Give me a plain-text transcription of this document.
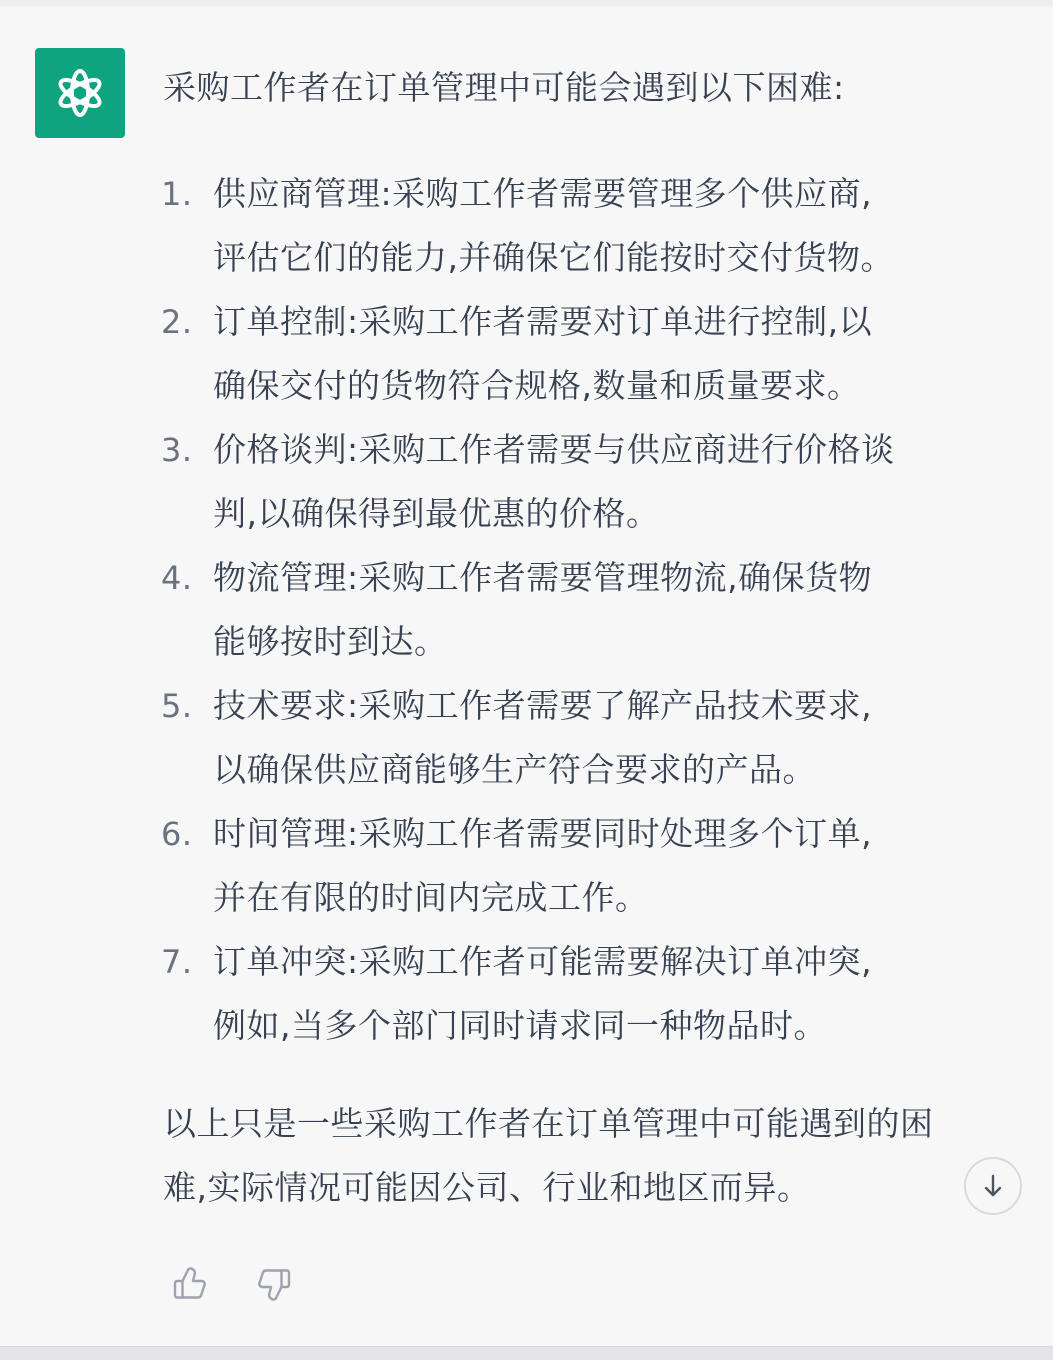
采购工作者在订单管理中可能会遇到以下困难:

1. 供应商管理:采购工作者需要管理多个供应商,
评估它们的能力,并确保它们能按时交付货物。
2. 订单控制:采购工作者需要对订单进行控制,以
确保交付的货物符合规格,数量和质量要求。
3. 价格谈判:采购工作者需要与供应商进行价格谈
判,以确保得到最优惠的价格。
4. 物流管理:采购工作者需要管理物流,确保货物
能够按时到达。
5. 技术要求:采购工作者需要了解产品技术要求,
以确保供应商能够生产符合要求的产品。
6. 时间管理:采购工作者需要同时处理多个订单,
并在有限的时间内完成工作。
7. 订单冲突:采购工作者可能需要解决订单冲突,
例如,当多个部门同时请求同一种物品时。
以上只是一些采购工作者在订单管理中可能遇到的困
难,实际情况可能因公司、行业和地区而异。
